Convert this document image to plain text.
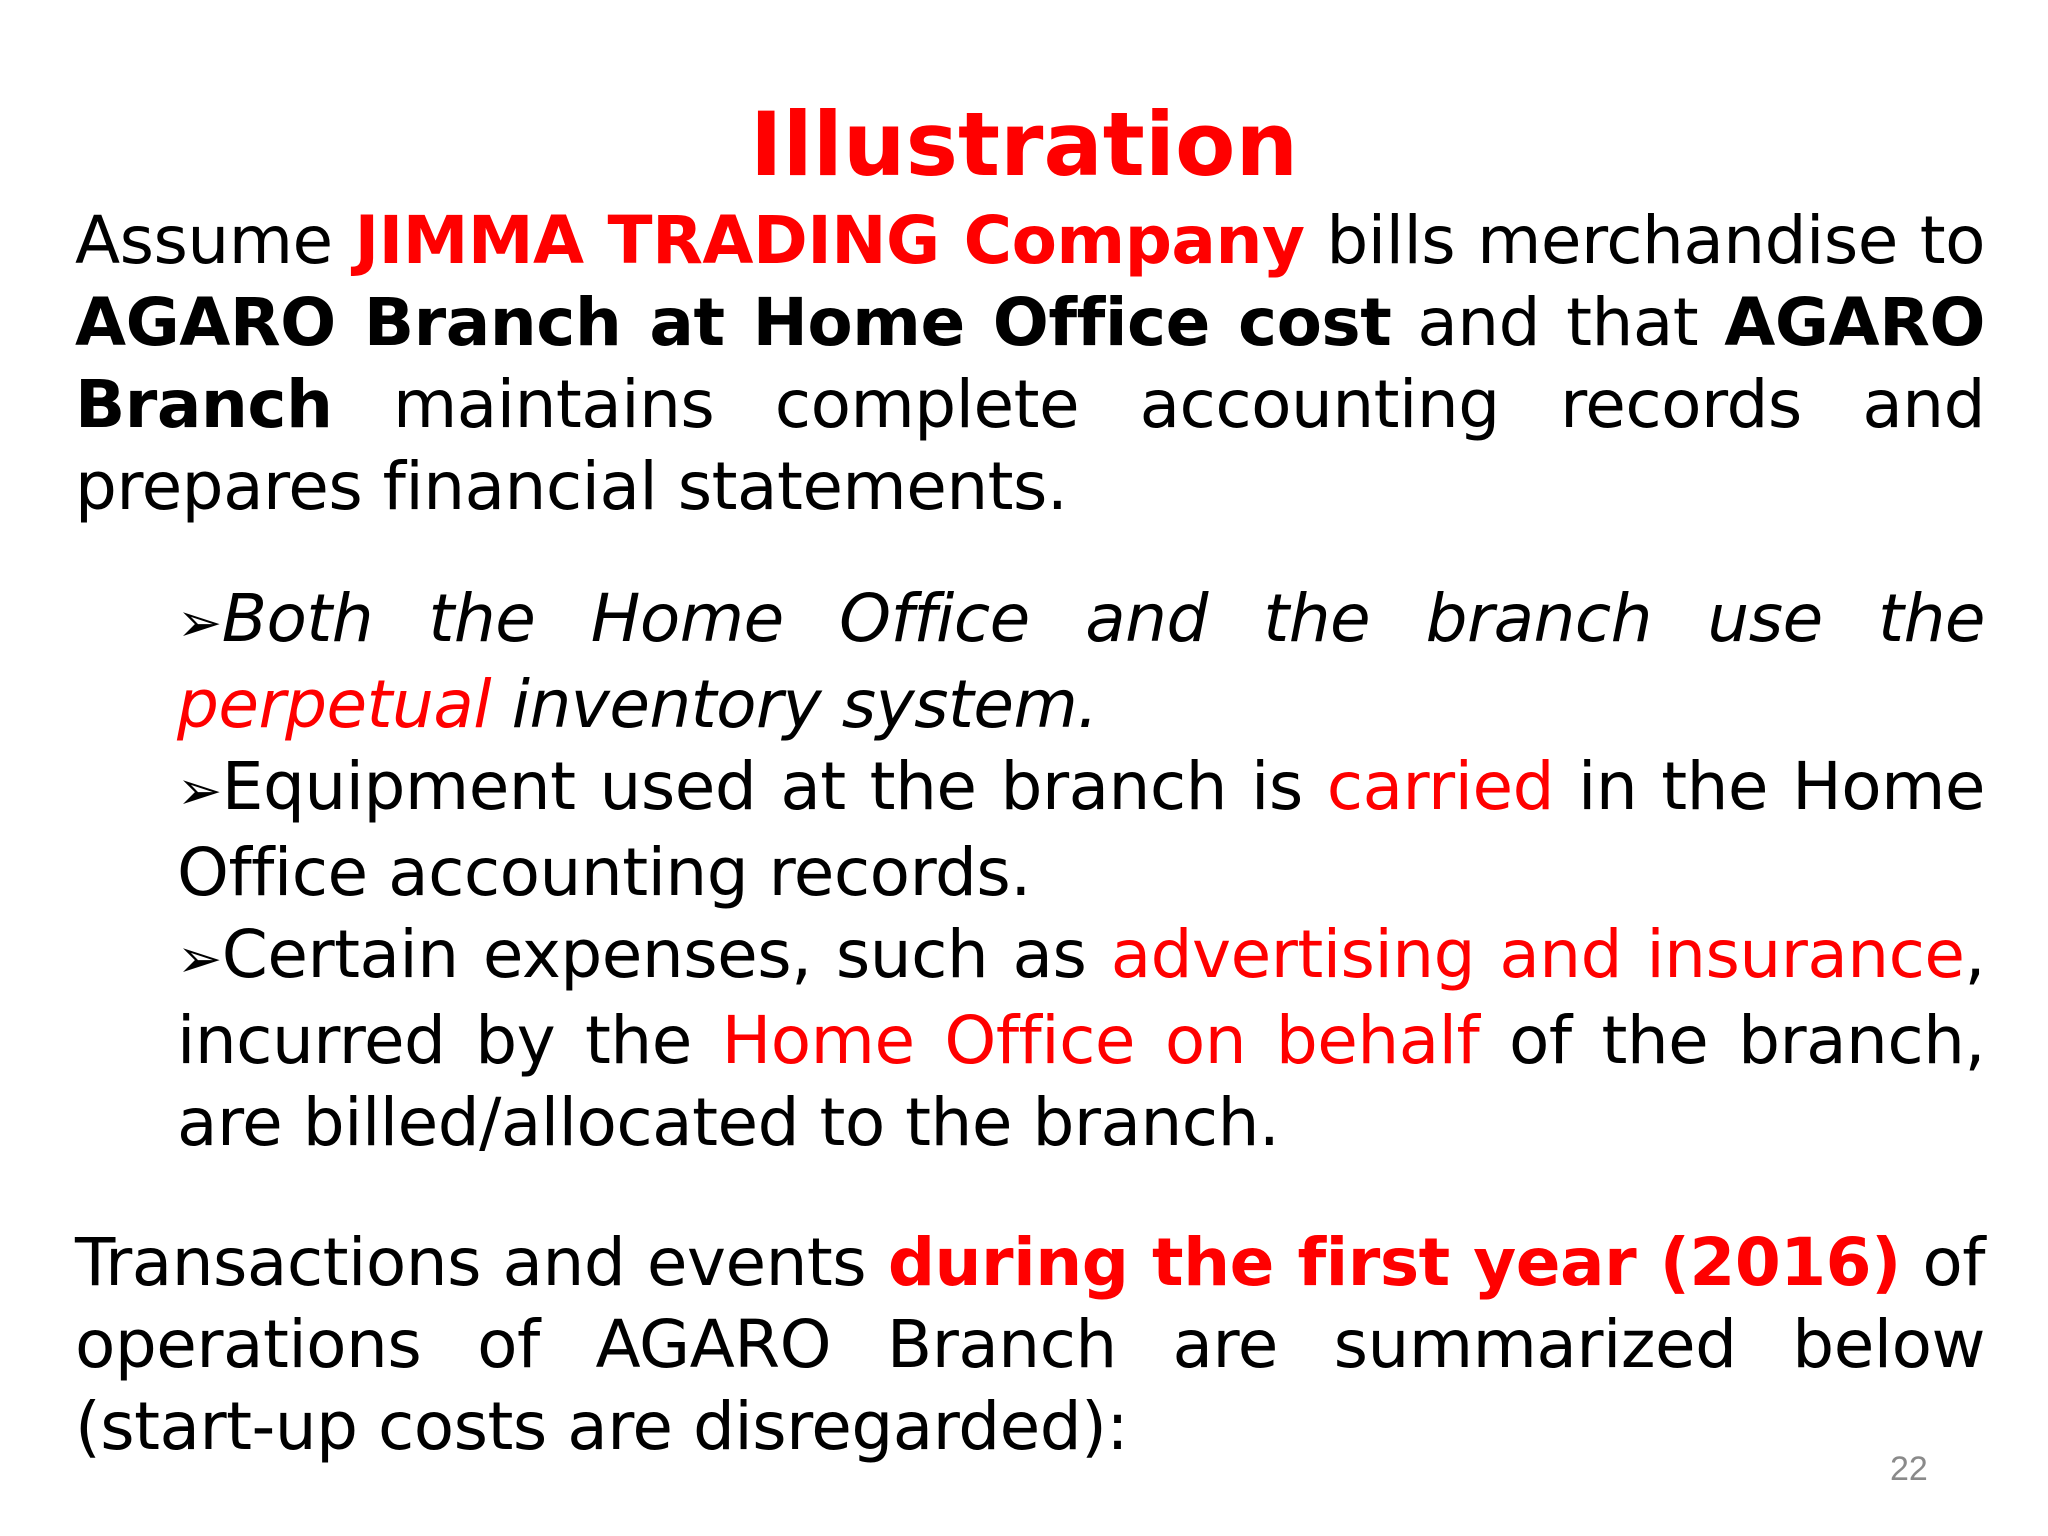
Illustration
Assume JIMMA TRADING Company bills merchandise to AGARO Branch at Home Office cost and that AGARO Branch maintains complete accounting records and prepares financial statements.
➢Both the Home Office and the branch use the perpetual inventory system.
➢Equipment used at the branch is carried in the Home Office accounting records.
➢Certain expenses, such as advertising and insurance, incurred by the Home Office on behalf of the branch, are billed/allocated to the branch.
Transactions and events during the first year (2016) of operations of AGARO Branch are summarized below (start-up costs are disregarded):
22
